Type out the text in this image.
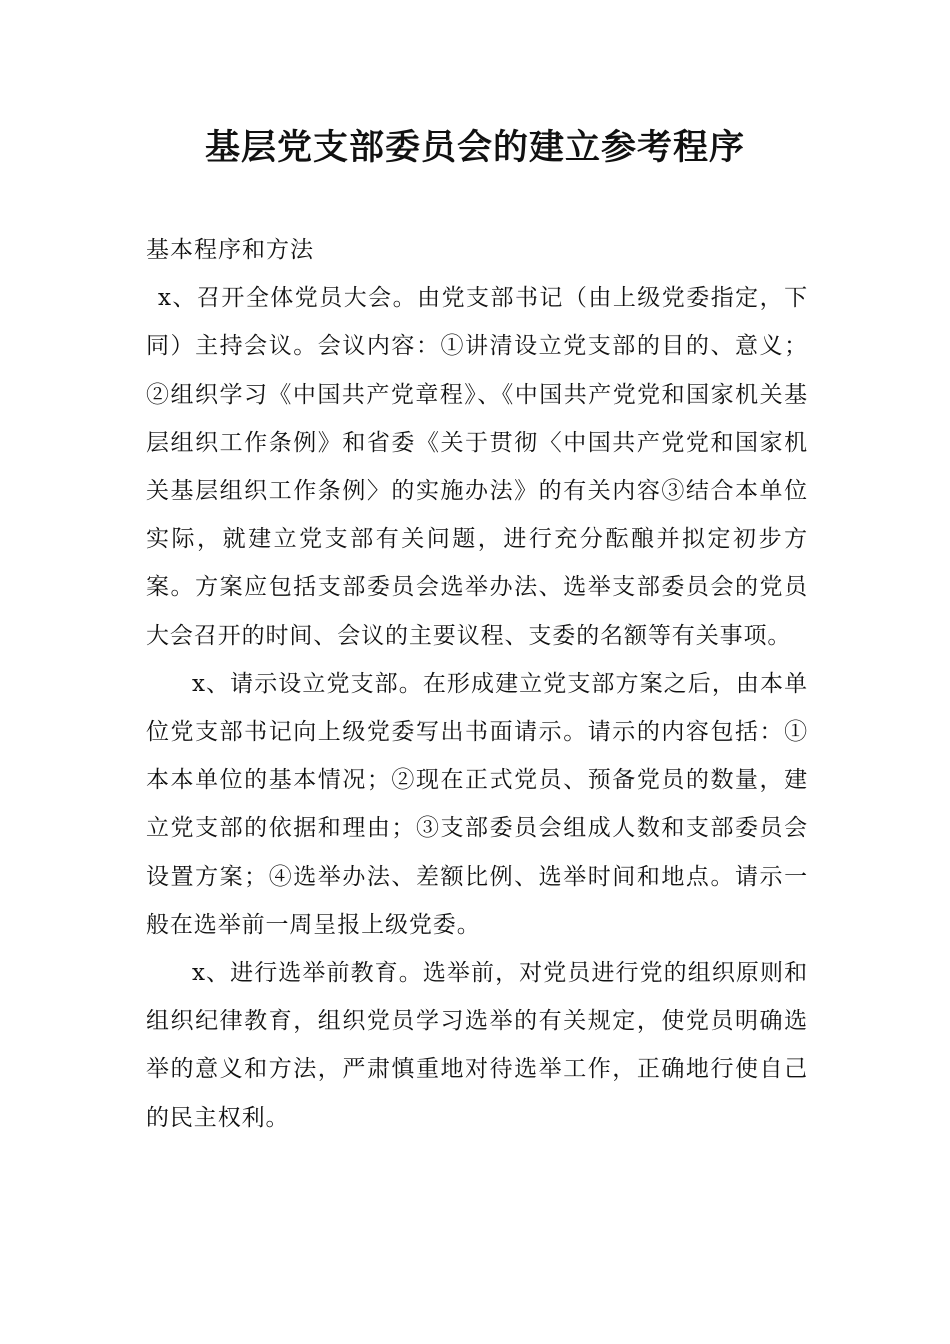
基层党支部委员会的建立参考程序

基本程序和方法

x、召开全体党员大会。由党支部书记（由上级党委指定，下同）主持会议。会议内容：①讲清设立党支部的目的、意义；②组织学习《中国共产党章程》、《中国共产党党和国家机关基层组织工作条例》和省委《关于贯彻〈中国共产党党和国家机关基层组织工作条例〉的实施办法》的有关内容③结合本单位实际，就建立党支部有关问题，进行充分酝酿并拟定初步方案。方案应包括支部委员会选举办法、选举支部委员会的党员大会召开的时间、会议的主要议程、支委的名额等有关事项。

x、请示设立党支部。在形成建立党支部方案之后，由本单位党支部书记向上级党委写出书面请示。请示的内容包括：①本本单位的基本情况；②现在正式党员、预备党员的数量，建立党支部的依据和理由；③支部委员会组成人数和支部委员会设置方案；④选举办法、差额比例、选举时间和地点。请示一般在选举前一周呈报上级党委。

x、进行选举前教育。选举前，对党员进行党的组织原则和组织纪律教育，组织党员学习选举的有关规定，使党员明确选举的意义和方法，严肃慎重地对待选举工作，正确地行使自己的民主权利。
